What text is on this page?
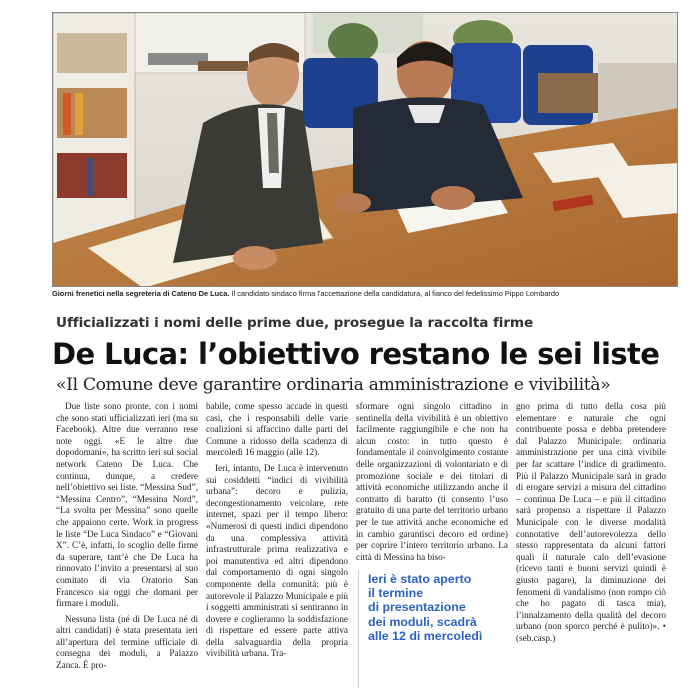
Giorni frenetici nella segreteria di Cateno De Luca. Il candidato sindaco firma l'accettazione della candidatura, al fianco del fedelissimo Pippo Lombardo
Ufficializzati i nomi delle prime due, prosegue la raccolta firme
De Luca: l’obiettivo restano le sei liste
«Il Comune deve garantire ordinaria amministrazione e vivibilità»

Due liste sono pronte, con i nomi che sono stati ufficializzati ieri (ma su Facebook). Altre due verranno rese note oggi. «E le altre due dopodomani», ha scritto ieri sul social network Cateno De Luca. Che continua, dunque, a credere nell’obiettivo sei liste. “Messina Sud”, “Messina Centro”, “Messina Nord”, “La svolta per Messina” sono quelle che appaiono certe. Work in progress le liste “De Luca Sindaco” e “Giovani X”. C’è, infatti, lo scoglio delle firme da superare, tant’è che De Luca ha rinnovato l’invito a presentarsi al suo comitato di via Oratorio San Francesco sia oggi che domani per firmare i moduli.

Nessuna lista (né di De Luca né di altri candidati) è stata presentata ieri all’apertura del termine ufficiale di consegna dei moduli, a Palazzo Zanca. È pro-

babile, come spesso accade in questi casi, che i responsabili delle varie coalizioni si affaccino dalle parti del Comune a ridosso della scadenza di mercoledì 16 maggio (alle 12).

Ieri, intanto, De Luca è intervenuto sui cosiddetti “indici di vivibilità urbana”: decoro e pulizia, decongestionamento veicolare, rete internet, spazi per il tempo libero: «Numerosi di questi indici dipendono da una complessiva attività infrastrutturale prima realizzativa e poi manutentiva ed altri dipendono dal comportamento di ogni singolo componente della comunità: più è autorevole il Palazzo Municipale e più i soggetti amministrati si sentiranno in dovere e coglieranno la soddisfazione di rispettare ed essere parte attiva della salvaguardia della propria vivibilità urbana. Tra-

sformare ogni singolo cittadino in sentinella della vivibilità è un obiettivo facilmente raggiungibile e che non ha alcun costo: in tutto questo è fondamentale il coinvolgimento costante delle organizzazioni di volontariato e di promozione sociale e dei titolari di attività economiche utilizzando anche il contratto di baratto (ti consento l’uso gratuito di una parte del territorio urbano per le tue attività anche economiche ed in cambio garantisci decoro ed ordine) per coprire l’intero territorio urbano. La città di Messina ha biso-

gno prima di tutto della cosa più elementare e naturale che ogni contribuente possa e debba pretendere dal Palazzo Municipale: ordinaria amministrazione per una città vivibile per far scattare l’indice di gradimento. Più il Palazzo Municipale sarà in grado di erogare servizi a misura del cittadino – continua De Luca – e più il cittadino sarà propenso a rispettare il Palazzo Municipale con le diverse modalità connotative dell’autorevolezza dello stesso rappresentata da alcuni fattori quali il naturale calo dell’evasione (ricevo tanti e buoni servizi quindi è giusto pagare), la diminuzione dei fenomeni di vandalismo (non rompo ciò che ho pagato di tasca mia), l’innalzamento della qualità del decoro urbano (non sporco perché è pulito)». • (seb.casp.)

Ieri è stato aperto
il termine
di presentazione
dei moduli, scadrà
alle 12 di mercoledì
